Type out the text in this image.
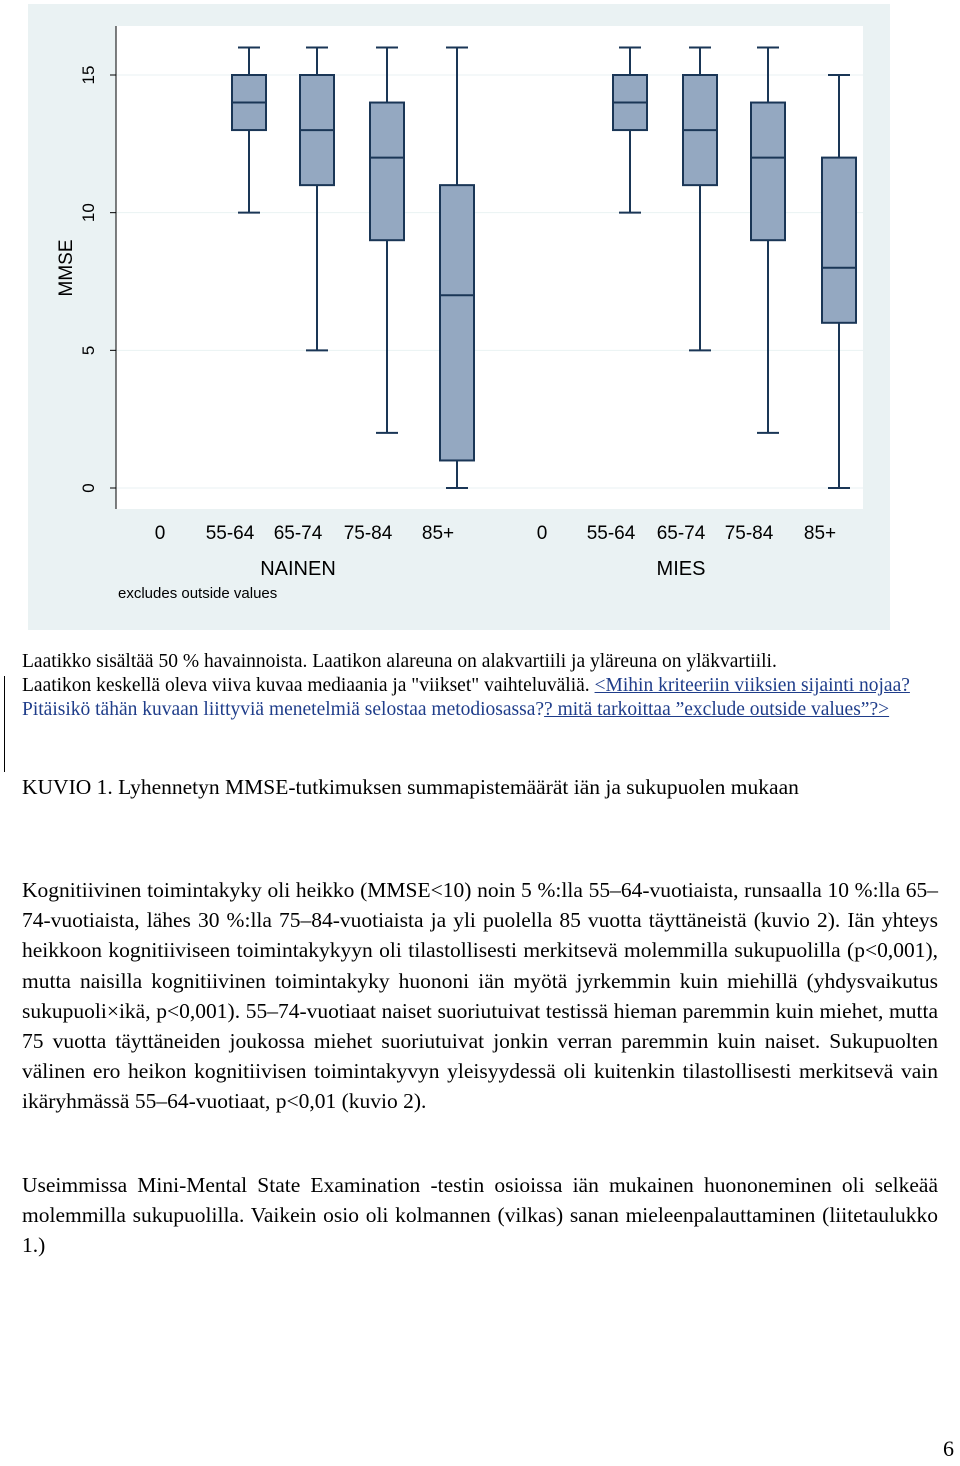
0
5
10
15
MMSE
0 55-64 65-74 75-84 85+
NAINEN
0 55-64 65-74 75-84 85+
MIES
excludes outside values
Laatikko sisältää 50 % havainnoista. Laatikon alareuna on alakvartiili ja yläreuna on yläkvartiili.
Laatikon keskellä oleva viiva kuvaa mediaania ja "viikset" vaihteluväliä. <Mihin kriteeriin viiksien sijainti nojaa? Pitäisikö tähän kuvaan liittyviä menetelmiä selostaa metodiosassa?? mitä tarkoittaa ”exclude outside values”?>
KUVIO 1. Lyhennetyn MMSE-tutkimuksen summapistemäärät iän ja sukupuolen mukaan
Kognitiivinen toimintakyky oli heikko (MMSE<10) noin 5 %:lla 55–64-vuotiaista, runsaalla 10 %:lla 65–74-vuotiaista, lähes 30 %:lla 75–84-vuotiaista ja yli puolella 85 vuotta täyttäneistä (kuvio 2). Iän yhteys heikkoon kognitiiviseen toimintakykyyn oli tilastollisesti merkitsevä molemmilla sukupuolilla (p<0,001), mutta naisilla kognitiivinen toimintakyky huononi iän myötä jyrkemmin kuin miehillä (yhdysvaikutus sukupuoli×ikä, p<0,001). 55–74-vuotiaat naiset suoriutuivat testissä hieman paremmin kuin miehet, mutta 75 vuotta täyttäneiden joukossa miehet suoriutuivat jonkin verran paremmin kuin naiset. Sukupuolten välinen ero heikon kognitiivisen toimintakyvyn yleisyydessä oli kuitenkin tilastollisesti merkitsevä vain ikäryhmässä 55–64-vuotiaat, p<0,01 (kuvio 2).
Useimmissa Mini-Mental State Examination -testin osioissa iän mukainen huononeminen oli selkeää molemmilla sukupuolilla. Vaikein osio oli kolmannen (vilkas) sanan mieleenpalauttaminen (liitetaulukko 1.)
6
